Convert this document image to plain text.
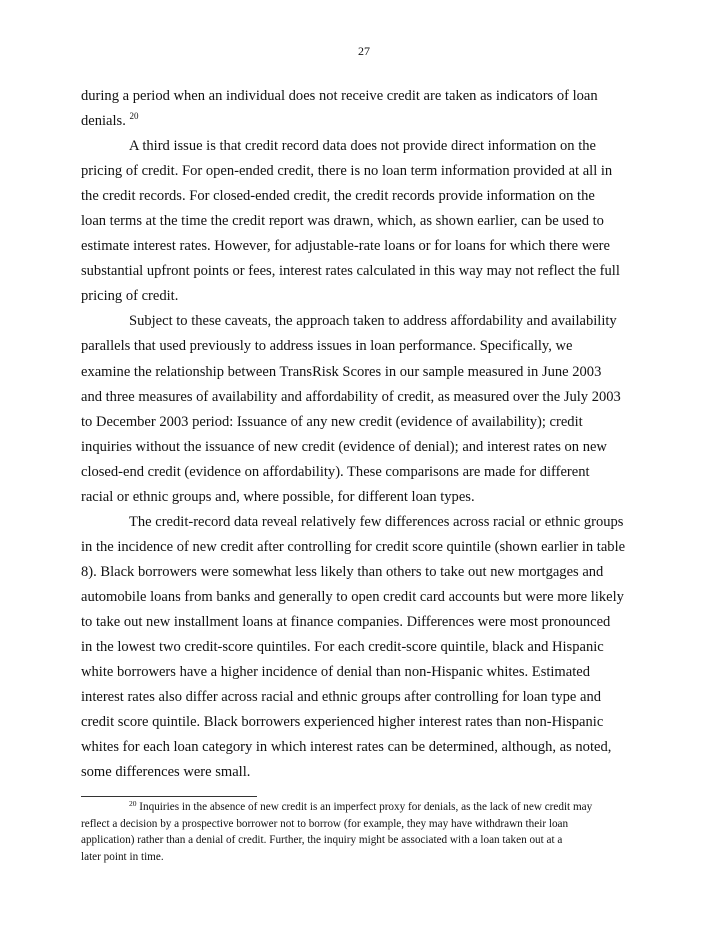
27
during a period when an individual does not receive credit are taken as indicators of loan
denials. $^{20}$
A third issue is that credit record data does not provide direct information on the
pricing of credit. For open-ended credit, there is no loan term information provided at all in
the credit records. For closed-ended credit, the credit records provide information on the
loan terms at the time the credit report was drawn, which, as shown earlier, can be used to
estimate interest rates. However, for adjustable-rate loans or for loans for which there were
substantial upfront points or fees, interest rates calculated in this way may not reflect the full
pricing of credit.
Subject to these caveats, the approach taken to address affordability and availability
parallels that used previously to address issues in loan performance. Specifically, we
examine the relationship between TransRisk Scores in our sample measured in June 2003
and three measures of availability and affordability of credit, as measured over the July 2003
to December 2003 period: Issuance of any new credit (evidence of availability); credit
inquiries without the issuance of new credit (evidence of denial); and interest rates on new
closed-end credit (evidence on affordability). These comparisons are made for different
racial or ethnic groups and, where possible, for different loan types.
The credit-record data reveal relatively few differences across racial or ethnic groups
in the incidence of new credit after controlling for credit score quintile (shown earlier in table
8). Black borrowers were somewhat less likely than others to take out new mortgages and
automobile loans from banks and generally to open credit card accounts but were more likely
to take out new installment loans at finance companies. Differences were most pronounced
in the lowest two credit-score quintiles. For each credit-score quintile, black and Hispanic
white borrowers have a higher incidence of denial than non-Hispanic whites. Estimated
interest rates also differ across racial and ethnic groups after controlling for loan type and
credit score quintile. Black borrowers experienced higher interest rates than non-Hispanic
whites for each loan category in which interest rates can be determined, although, as noted,
some differences were small.
$^{20}$ Inquiries in the absence of new credit is an imperfect proxy for denials, as the lack of new credit may
reflect a decision by a prospective borrower not to borrow (for example, they may have withdrawn their loan
application) rather than a denial of credit. Further, the inquiry might be associated with a loan taken out at a
later point in time.
